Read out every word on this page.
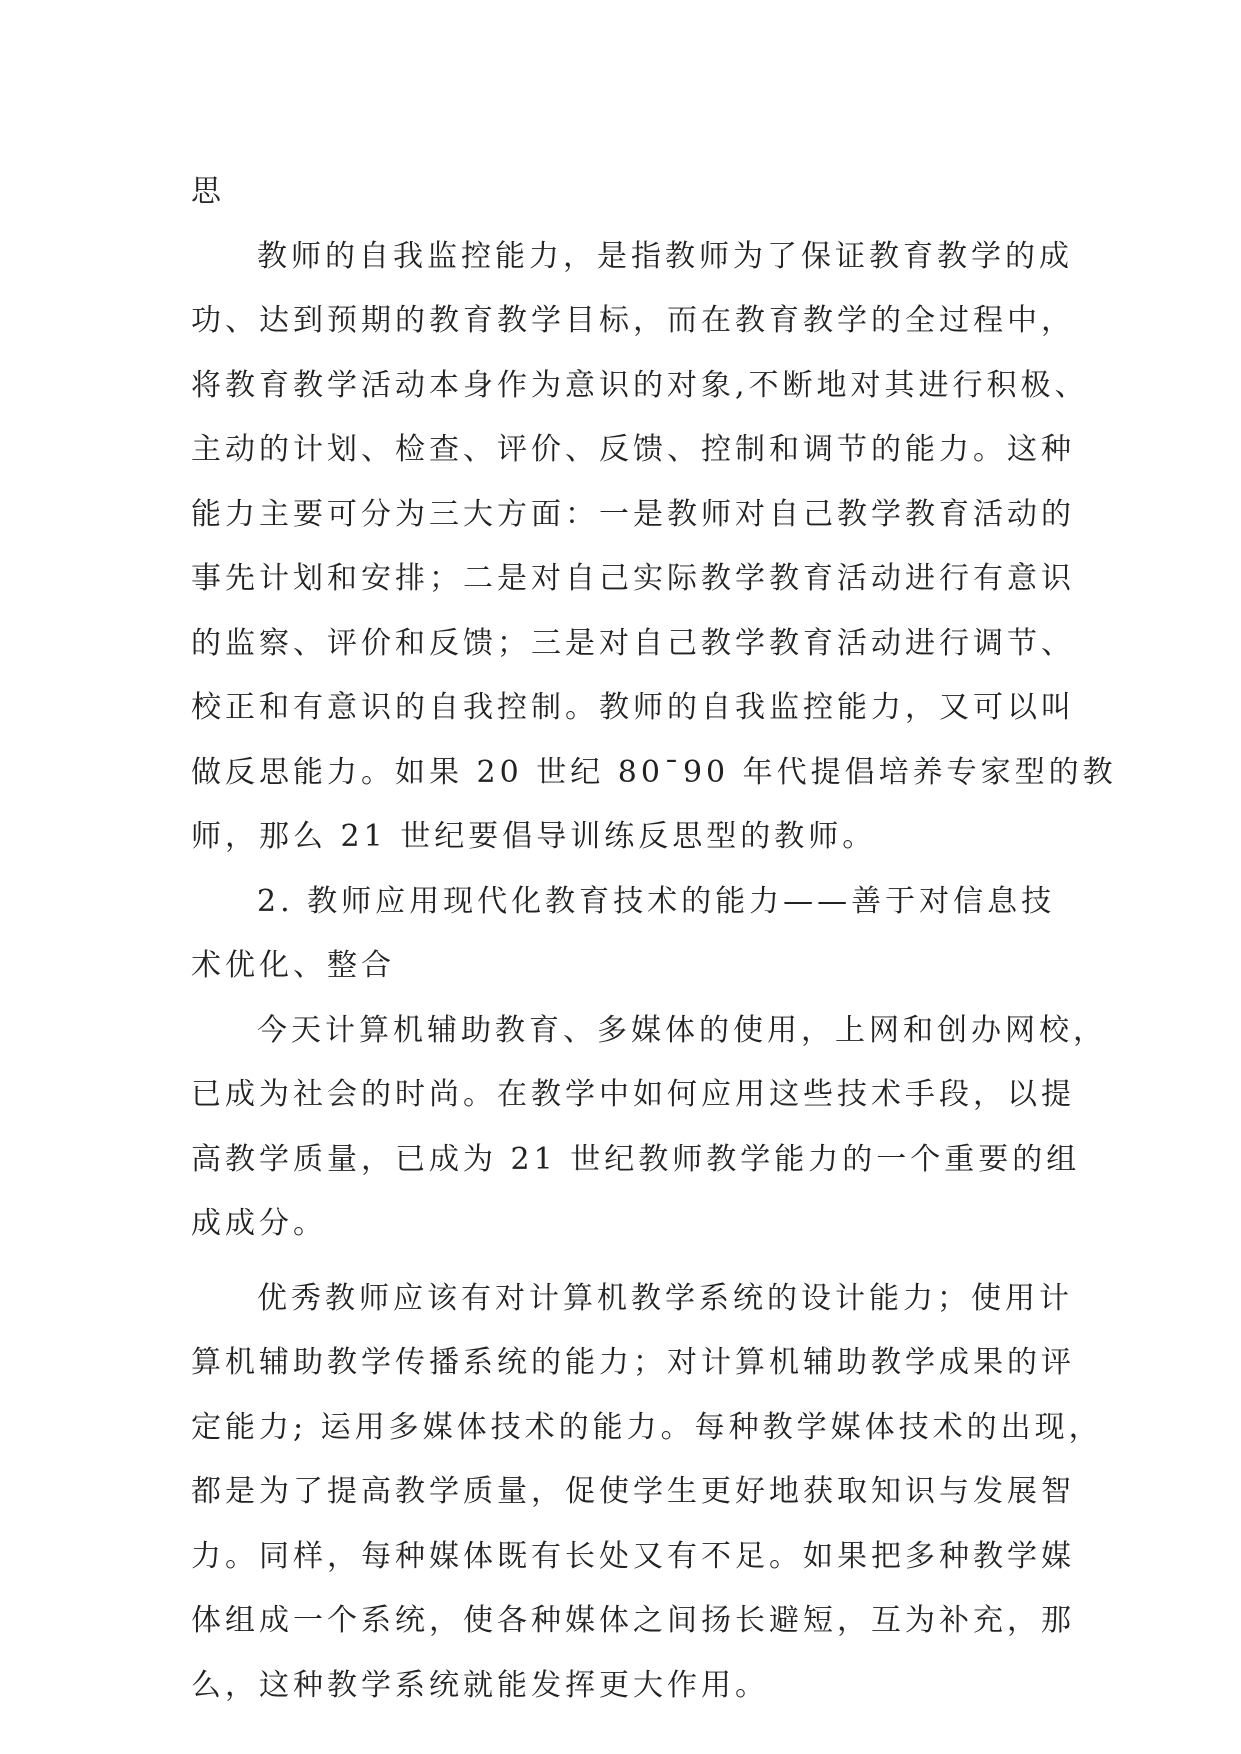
思
教师的自我监控能力，是指教师为了保证教育教学的成
功、达到预期的教育教学目标，而在教育教学的全过程中，
将教育教学活动本身作为意识的对象,不断地对其进行积极、
主动的计划、检查、评价、反馈、控制和调节的能力。这种
能力主要可分为三大方面：一是教师对自己教学教育活动的
事先计划和安排；二是对自己实际教学教育活动进行有意识
的监察、评价和反馈；三是对自己教学教育活动进行调节、
校正和有意识的自我控制。教师的自我监控能力，又可以叫
做反思能力。如果 20 世纪 80¯90 年代提倡培养专家型的教
师，那么 21 世纪要倡导训练反思型的教师。
2. 教师应用现代化教育技术的能力——善于对信息技
术优化、整合
今天计算机辅助教育、多媒体的使用，上网和创办网校，
已成为社会的时尚。在教学中如何应用这些技术手段，以提
高教学质量，已成为 21 世纪教师教学能力的一个重要的组
成成分。
优秀教师应该有对计算机教学系统的设计能力；使用计
算机辅助教学传播系统的能力；对计算机辅助教学成果的评
定能力; 运用多媒体技术的能力。每种教学媒体技术的出现，
都是为了提高教学质量，促使学生更好地获取知识与发展智
力。同样，每种媒体既有长处又有不足。如果把多种教学媒
体组成一个系统，使各种媒体之间扬长避短，互为补充，那
么，这种教学系统就能发挥更大作用。
